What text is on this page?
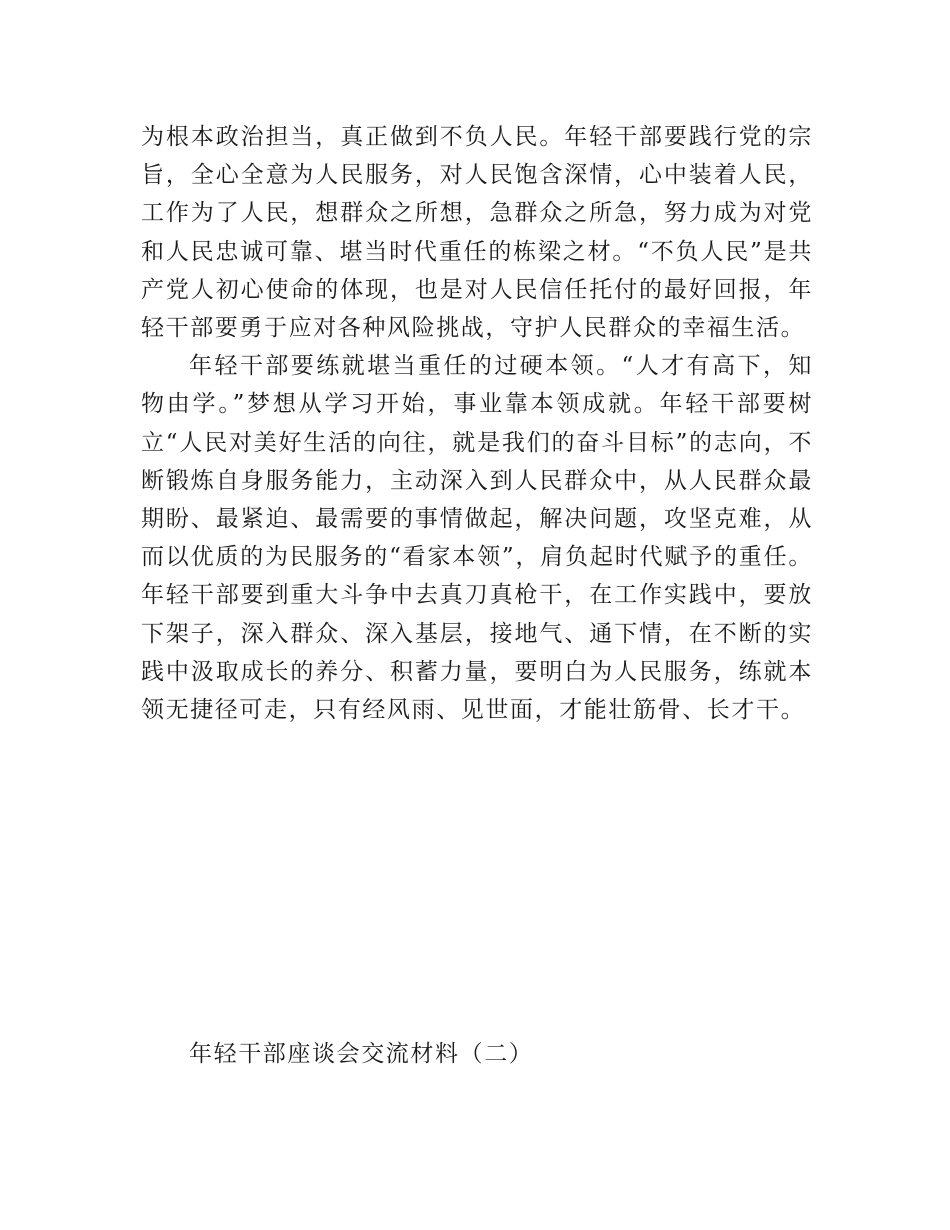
为根本政治担当，真正做到不负人民。年轻干部要践行党的宗旨，全心全意为人民服务，对人民饱含深情，心中装着人民，工作为了人民，想群众之所想，急群众之所急，努力成为对党和人民忠诚可靠、堪当时代重任的栋梁之材。“不负人民”是共产党人初心使命的体现，也是对人民信任托付的最好回报，年轻干部要勇于应对各种风险挑战，守护人民群众的幸福生活。

年轻干部要练就堪当重任的过硬本领。“人才有高下，知物由学。”梦想从学习开始，事业靠本领成就。年轻干部要树立“人民对美好生活的向往，就是我们的奋斗目标”的志向，不断锻炼自身服务能力，主动深入到人民群众中，从人民群众最期盼、最紧迫、最需要的事情做起，解决问题，攻坚克难，从而以优质的为民服务的“看家本领”，肩负起时代赋予的重任。年轻干部要到重大斗争中去真刀真枪干，在工作实践中，要放下架子，深入群众、深入基层，接地气、通下情，在不断的实践中汲取成长的养分、积蓄力量，要明白为人民服务，练就本领无捷径可走，只有经风雨、见世面，才能壮筋骨、长才干。

年轻干部座谈会交流材料（二）
